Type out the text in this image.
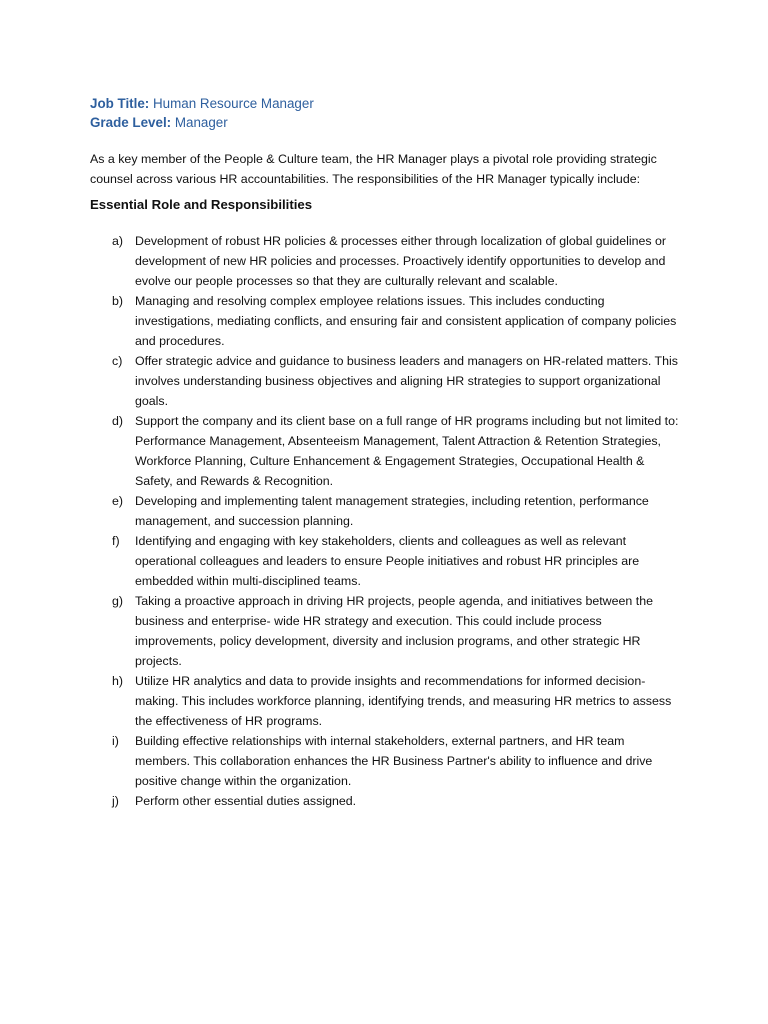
Job Title: Human Resource Manager
Grade Level: Manager

As a key member of the People & Culture team, the HR Manager plays a pivotal role providing strategic counsel across various HR accountabilities. The responsibilities of the HR Manager typically include:

Essential Role and Responsibilities
a) Development of robust HR policies & processes either through localization of global guidelines or development of new HR policies and processes. Proactively identify opportunities to develop and evolve our people processes so that they are culturally relevant and scalable.
b) Managing and resolving complex employee relations issues. This includes conducting investigations, mediating conflicts, and ensuring fair and consistent application of company policies and procedures.
c) Offer strategic advice and guidance to business leaders and managers on HR-related matters. This involves understanding business objectives and aligning HR strategies to support organizational goals.
d) Support the company and its client base on a full range of HR programs including but not limited to: Performance Management, Absenteeism Management, Talent Attraction & Retention Strategies, Workforce Planning, Culture Enhancement & Engagement Strategies, Occupational Health & Safety, and Rewards & Recognition.
e) Developing and implementing talent management strategies, including retention, performance management, and succession planning.
f) Identifying and engaging with key stakeholders, clients and colleagues as well as relevant operational colleagues and leaders to ensure People initiatives and robust HR principles are embedded within multi-disciplined teams.
g) Taking a proactive approach in driving HR projects, people agenda, and initiatives between the business and enterprise- wide HR strategy and execution. This could include process improvements, policy development, diversity and inclusion programs, and other strategic HR projects.
h) Utilize HR analytics and data to provide insights and recommendations for informed decision-making. This includes workforce planning, identifying trends, and measuring HR metrics to assess the effectiveness of HR programs.
i) Building effective relationships with internal stakeholders, external partners, and HR team members. This collaboration enhances the HR Business Partner's ability to influence and drive positive change within the organization.
j) Perform other essential duties assigned.
